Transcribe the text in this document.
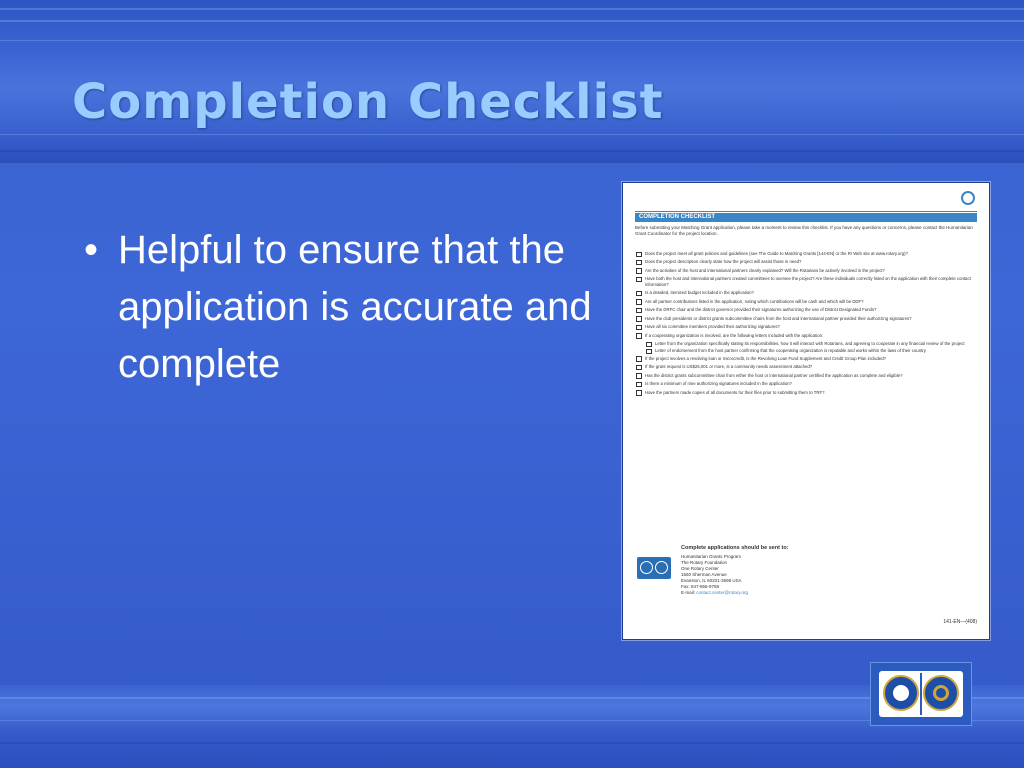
Completion Checklist
• Helpful to ensure that the application is accurate and complete
COMPLETION CHECKLIST
Before submitting your Matching Grant application, please take a moment to review this checklist. If you have any questions or concerns, please contact the Humanitarian Grant Coordinator for the project location.
Does the project meet all grant policies and guidelines (see The Guide to Matching Grants [144-EN] or the RI Web site at www.rotary.org)?
Does the project description clearly state how the project will assist those in need?
Are the activities of the host and international partners clearly explained? Will the Rotarians be actively involved in the project?
Have both the host and international partners created committees to oversee the project? Are these individuals correctly listed on the application with their complete contact information?
Is a detailed, itemized budget included in the application?
Are all partner contributions listed in the application, noting which contributions will be cash and which will be DDF?
Have the DRFC chair and the district governor provided their signatures authorizing the use of District Designated Funds?
Have the club presidents or district grants subcommittee chairs from the host and international partner provided their authorizing signatures?
Have all six committee members provided their authorizing signatures?
If a cooperating organization is involved, are the following letters included with the application:
Letter from the organization specifically stating its responsibilities, how it will interact with Rotarians, and agreeing to cooperate in any financial review of the project
Letter of endorsement from the host partner confirming that the cooperating organization is reputable and works within the laws of their country
If the project involves a revolving loan or microcredit, is the Revolving Loan Fund Supplement and Credit Group Plan included?
If the grant request is US$25,001 or more, is a community needs assessment attached?
Has the district grants subcommittee chair from either the host or international partner certified the application as complete and eligible?
Is there a minimum of nine authorizing signatures included in the application?
Have the partners made copies of all documents for their files prior to submitting them to TRF?
Complete applications should be sent to:
Humanitarian Grants Program
The Rotary Foundation
One Rotary Center
1560 Sherman Avenue
Evanston, IL 60201-3698 USA
Fax: 847-866-9759
E-mail: contact.center@rotary.org
141-EN—(408)
